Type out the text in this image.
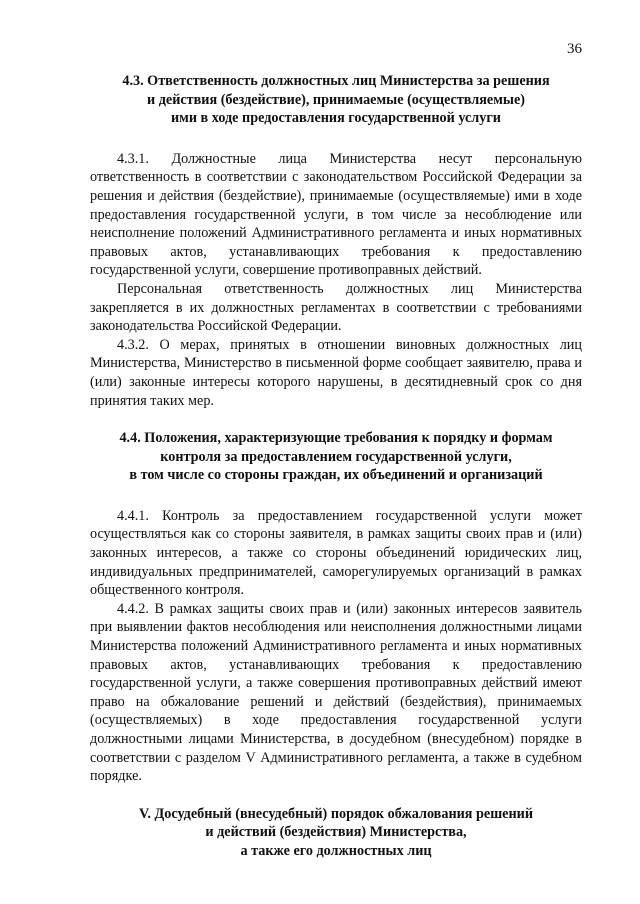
36
4.3. Ответственность должностных лиц Министерства за решения
и действия (бездействие), принимаемые (осуществляемые)
ими в ходе предоставления государственной услуги

4.3.1. Должностные лица Министерства несут персональную ответственность в соответствии с законодательством Российской Федерации за решения и действия (бездействие), принимаемые (осуществляемые) ими в ходе предоставления государственной услуги, в том числе за несоблюдение или неисполнение положений Административного регламента и иных нормативных правовых актов, устанавливающих требования к предоставлению государственной услуги, совершение противоправных действий.

Персональная ответственность должностных лиц Министерства закрепляется в их должностных регламентах в соответствии с требованиями законодательства Российской Федерации.

4.3.2. О мерах, принятых в отношении виновных должностных лиц Министерства, Министерство в письменной форме сообщает заявителю, права и (или) законные интересы которого нарушены, в десятидневный срок со дня принятия таких мер.

4.4. Положения, характеризующие требования к порядку и формам
контроля за предоставлением государственной услуги,
в том числе со стороны граждан, их объединений и организаций

4.4.1. Контроль за предоставлением государственной услуги может осуществляться как со стороны заявителя, в рамках защиты своих прав и (или) законных интересов, а также со стороны объединений юридических лиц, индивидуальных предпринимателей, саморегулируемых организаций в рамках общественного контроля.

4.4.2. В рамках защиты своих прав и (или) законных интересов заявитель при выявлении фактов несоблюдения или неисполнения должностными лицами Министерства положений Административного регламента и иных нормативных правовых актов, устанавливающих требования к предоставлению государственной услуги, а также совершения противоправных действий имеют право на обжалование решений и действий (бездействия), принимаемых (осуществляемых) в ходе предоставления государственной услуги должностными лицами Министерства, в досудебном (внесудебном) порядке в соответствии с разделом V Административного регламента, а также в судебном порядке.

V. Досудебный (внесудебный) порядок обжалования решений
и действий (бездействия) Министерства,
а также его должностных лиц
